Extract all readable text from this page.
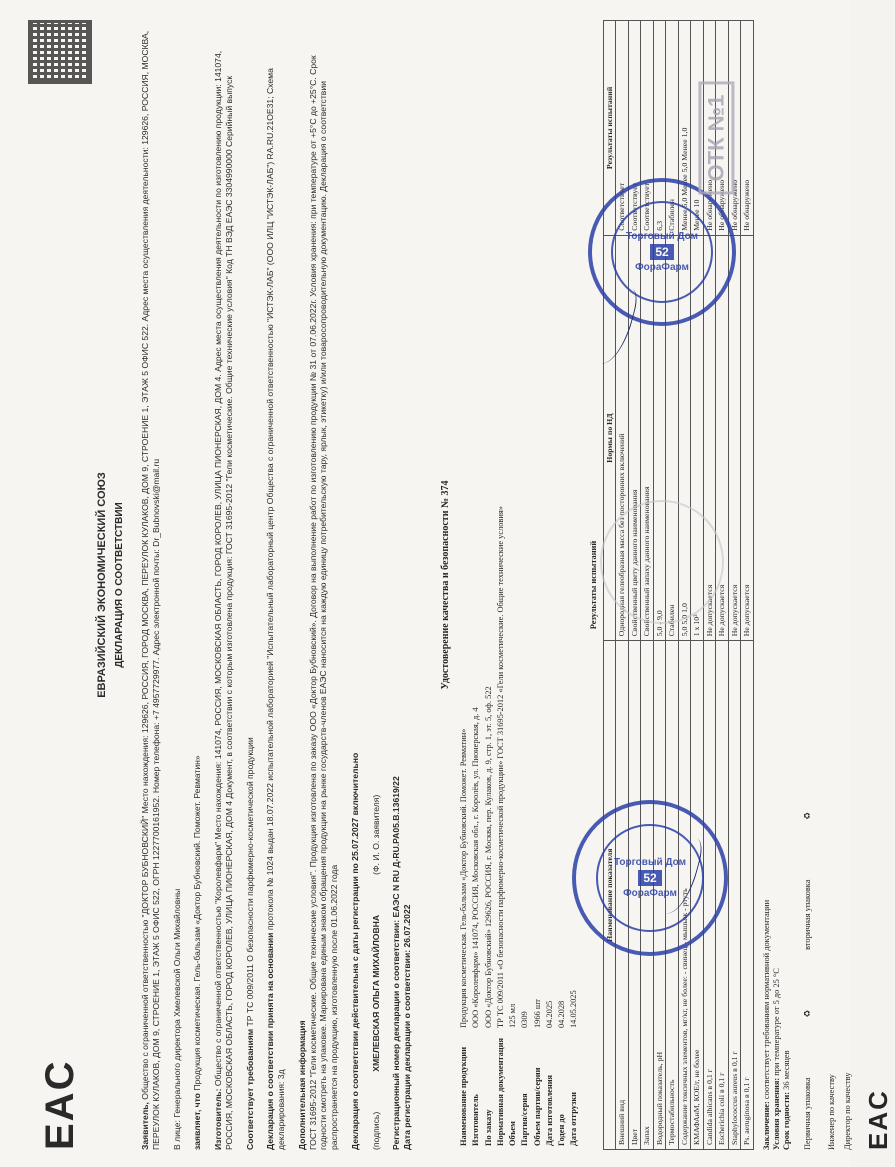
EAC
ЕВРАЗИЙСКИЙ ЭКОНОМИЧЕСКИЙ СОЮЗ ДЕКЛАРАЦИЯ О СООТВЕТСТВИИ
Заявитель, Общество с ограниченной ответственностью "ДОКТОР БУБНОВСКИЙ" Место нахождения: 129626, РОССИЯ, ГОРОД МОСКВА, ПЕРЕУЛОК КУЛАКОВ, ДОМ 9, СТРОЕНИЕ 1, ЭТАЖ 5 ОФИС 522. Адрес места осуществления деятельности: 129626, РОССИЯ, МОСКВА, ПЕРЕУЛОК КУЛАКОВ, ДОМ 9, СТРОЕНИЕ 1, ЭТАЖ 5 ОФИС 522, ОГРН 1227700161952. Номер телефона: +7 4957729977. Адрес электронной почты: Dr_Bubnovski@mail.ru В лице: Генерального директора Хмелевской Ольги Михайловны заявляет, что Продукция косметическая. Гель-бальзам «Доктор Бубновский. Поможет. Ревматин»
Изготовитель: Общество с ограниченной ответственностью "Королевфарм" Место нахождения: 141074, РОССИЯ, МОСКОВСКАЯ ОБЛАСТЬ, ГОРОД КОРОЛЕВ, УЛИЦА ПИОНЕРСКАЯ, ДОМ 4. Адрес места осуществления деятельности по изготовлению продукции: 141074, РОССИЯ, МОСКОВСКАЯ ОБЛАСТЬ, ГОРОД КОРОЛЕВ, УЛИЦА ПИОНЕРСКАЯ, ДОМ 4 Документ, в соответствии с которым изготовлена продукция: ГОСТ 31695-2012 "Гели косметические. Общие технические условия" Код ТН ВЭД ЕАЭС 3304990000 Серийный выпуск Соответствует требованиям ТР ТС 009/2011 О безопасности парфюмерно-косметической продукции
Декларация о соответствии принята на основании протокола № 1024 выдан 18.07.2022 испытательной лабораторией "Испытательный лабораторный центр Общества с ограниченной ответственностью "ИСТЭК-ЛАБ" (ООО ИЛЦ "ИСТЭК-ЛАБ") RA.RU.21ОЕ31; Схема декларирования: 3д Дополнительная информация ГОСТ 31695-2012 "Гели косметические. Общие технические условия". Продукция изготовлена по заказу ООО «Доктор Бубновский». Договор на выполнение работ по изготовлению продукции № 31 от 07.06.2022г. Условия хранения: при температуре от +5°С до +25°С. Срок годности смотреть на упаковке. Маркирована единым знаком обращения продукции на рынке государств-членов ЕАЭС наносится на каждую единицу потребительскую тару, ярлык, этикетку) и/или товаросопроводительную документацию. Декларация о соответствии распространяется на продукцию, изготовленную после 01.06.2022 года Декларация о соответствии действительна с даты регистрации по 25.07.2027 включительно
(подпись)
ХМЕЛЕВСКАЯ ОЛЬГА МИХАЙЛОВНА
(Ф. И. О. заявителя)
Регистрационный номер декларации о соответствии: ЕАЭС N RU Д-RU.РА05.В.13619/22
Дата регистрации декларации о соответствии: 26.07.2022
Удостоверение качества и безопасности № 374
Наименование продукции	Продукция косметическая. Гель-бальзам «Доктор Бубновский. Поможет. Ревматин»
Изготовитель	ООО «Королевфарм» 141074, РОССИЯ, Московская обл., г. Королёв, ул. Пионерская, д. 4
По заказу	ООО «Доктор Бубновский» 129626, РОССИЯ, г. Москва, пер. Кулаков, д. 9, стр. 1, эт. 5, оф. 522
Нормативная документация	ТР ТС 009/2011 «О безопасности парфюмерно-косметической продукции» ГОСТ 31695-2012 «Гели косметические. Общие технические условия»
Объем	125 мл
Партия/серия	0309
Объем партии/серии	1966 шт
Дата изготовления	04.2025
Годен до	04.2028
Дата отгрузки	14.05.2025
Результаты испытаний
Наименование показателя	Нормы по НД	Результаты испытаний
Внешний вид	Однородная гелеобразная масса без посторонних включений	Соответствует
Цвет	Свойственный цвету данного наименования	Соответствует
Запах	Свойственный запаху данного наименования	Соответствует
Водородный показатель, pH	5,0 - 9,0	6,3
Термостабильность	Стабилен	Стабилен
Содержание токсичных элементов, мг/кг, не более: - свинец - мышьяк - ртуть	5,0 5,0 1,0	Менее 5,0 Менее 5,0 Менее 1,0
КМАФАнМ, КОЕ/г, не более	1 х 10³	Менее 10
Candida albicans в 0,1 г	Не допускается	Не обнаружено
Escherichia coli в 0,1 г	Не допускается	Не обнаружено
Staphylococcus aureus в 0,1 г	Не допускается	Не обнаружено
Ps. aeruginosa в 0,1 г	Не допускается	Не обнаружено
Заключение: соответствует требованиям нормативной документации
Условия хранения: при температуре от 5 до 25 °С
Срок годности: 36 месяцев
Первичная упаковка
♻
вторичная упаковка
♻
Инженер по качеству Директор по качеству EAC
Торговый Дом
52
ФораФарм
Торговый Дом
52
ФораФарм
ОТК №1
